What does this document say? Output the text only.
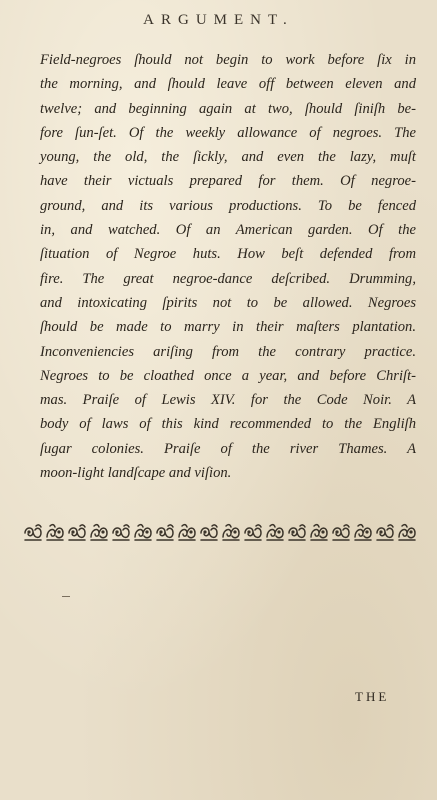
ARGUMENT.

Field-negroes ſhould not begin to work before ſix in
the morning, and ſhould leave off between eleven and
twelve; and beginning again at two, ſhould ſiniſh be-
fore ſun-ſet. Of the weekly allowance of negroes. The
young, the old, the ſickly, and even the lazy, muſt
have their victuals prepared for them. Of negroe-
ground, and its various productions. To be fenced
in, and watched. Of an American garden. Of the
ſituation of Negroe huts. How beſt defended from
fire. The great negroe-dance deſcribed. Drumming,
and intoxicating ſpirits not to be allowed. Negroes
ſhould be made to marry in their maſters plantation.
Inconveniencies ariſing from the contrary practice.
Negroes to be cloathed once a year, and before Chriſt-
mas. Praiſe of Lewis XIV. for the Code Noir. A
body of laws of this kind recommended to the Engliſh
ſugar colonies. Praiſe of the river Thames. A
moon-light landſcape and viſion.

THE
